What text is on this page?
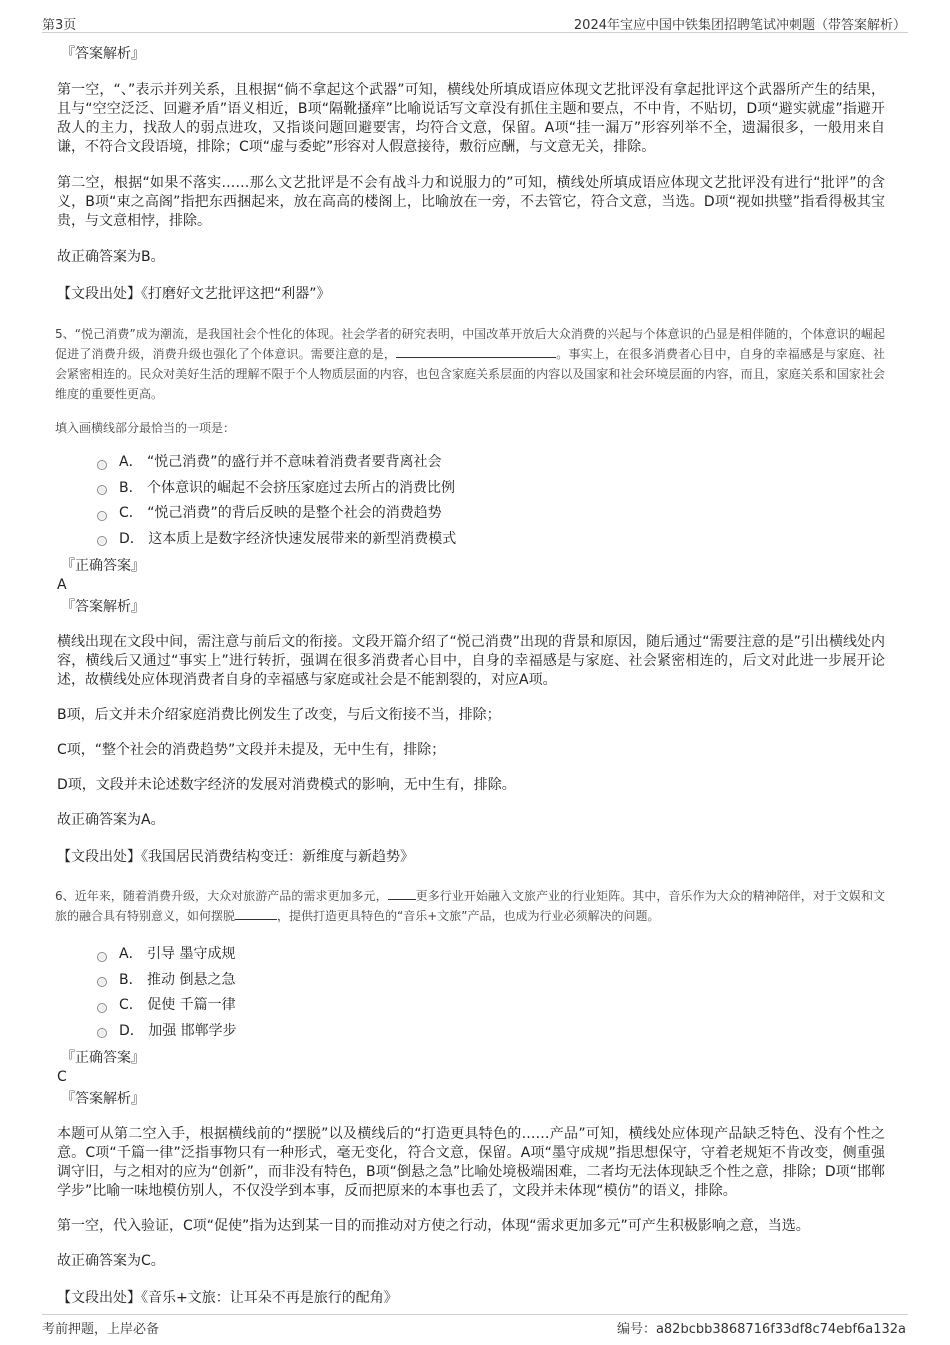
第3页	2024年宝应中国中铁集团招聘笔试冲刺题（带答案解析）
『答案解析』
第一空，“、”表示并列关系，且根据“倘不拿起这个武器”可知，横线处所填成语应体现文艺批评没有拿起批评这个武器所产生的结果，且与“空空泛泛、回避矛盾”语义相近，B项“隔靴搔痒”比喻说话写文章没有抓住主题和要点，不中肯，不贴切，D项“避实就虚”指避开敌人的主力，找敌人的弱点进攻，又指谈问题回避要害，均符合文意，保留。A项“挂一漏万”形容列举不全，遗漏很多，一般用来自谦，不符合文段语境，排除；C项“虚与委蛇”形容对人假意接待，敷衍应酬，与文意无关，排除。
第二空，根据“如果不落实……那么文艺批评是不会有战斗力和说服力的”可知，横线处所填成语应体现文艺批评没有进行“批评”的含义，B项“束之高阁”指把东西捆起来，放在高高的楼阁上，比喻放在一旁，不去管它，符合文意，当选。D项“视如拱璧”指看得极其宝贵，与文意相悖，排除。
故正确答案为B。
【文段出处】《打磨好文艺批评这把“利器”》
5、“悦己消费”成为潮流，是我国社会个性化的体现。社会学者的研究表明，中国改革开放后大众消费的兴起与个体意识的凸显是相伴随的，个体意识的崛起促进了消费升级，消费升级也强化了个体意识。需要注意的是，	。事实上，在很多消费者心目中，自身的幸福感是与家庭、社会紧密相连的。民众对美好生活的理解不限于个人物质层面的内容，也包含家庭关系层面的内容以及国家和社会环境层面的内容，而且，家庭关系和国家社会维度的重要性更高。
填入画横线部分最恰当的一项是：
A． “悦己消费”的盛行并不意味着消费者要背离社会
B． 个体意识的崛起不会挤压家庭过去所占的消费比例
C． “悦己消费”的背后反映的是整个社会的消费趋势
D． 这本质上是数字经济快速发展带来的新型消费模式
『正确答案』
A
『答案解析』
横线出现在文段中间，需注意与前后文的衔接。文段开篇介绍了“悦己消费”出现的背景和原因，随后通过“需要注意的是”引出横线处内容，横线后又通过“事实上”进行转折，强调在很多消费者心目中，自身的幸福感是与家庭、社会紧密相连的，后文对此进一步展开论述，故横线处应体现消费者自身的幸福感与家庭或社会是不能割裂的，对应A项。
B项，后文并未介绍家庭消费比例发生了改变，与后文衔接不当，排除；
C项，“整个社会的消费趋势”文段并未提及，无中生有，排除；
D项，文段并未论述数字经济的发展对消费模式的影响，无中生有，排除。
故正确答案为A。
【文段出处】《我国居民消费结构变迁：新维度与新趋势》
6、近年来，随着消费升级，大众对旅游产品的需求更加多元， 更多行业开始融入文旅产业的行业矩阵。其中，音乐作为大众的精神陪伴，对于文娱和文旅的融合具有特别意义，如何摆脱	，提供打造更具特色的“音乐+文旅”产品，也成为行业必须解决的问题。
A． 引导 墨守成规
B． 推动 倒悬之急
C． 促使 千篇一律
D． 加强 邯郸学步
『正确答案』
C
『答案解析』
本题可从第二空入手，根据横线前的“摆脱”以及横线后的“打造更具特色的……产品”可知，横线处应体现产品缺乏特色、没有个性之意。C项“千篇一律”泛指事物只有一种形式，毫无变化，符合文意，保留。A项“墨守成规”指思想保守，守着老规矩不肯改变，侧重强调守旧，与之相对的应为“创新”，而非没有特色，B项“倒悬之急”比喻处境极端困难，二者均无法体现缺乏个性之意，排除；D项“邯郸学步”比喻一味地模仿别人，不仅没学到本事，反而把原来的本事也丢了，文段并未体现“模仿”的语义，排除。
第一空，代入验证，C项“促使”指为达到某一目的而推动对方使之行动，体现“需求更加多元”可产生积极影响之意，当选。
故正确答案为C。
【文段出处】《音乐+文旅：让耳朵不再是旅行的配角》
考前押题，上岸必备	编号：a82bcbb3868716f33df8c74ebf6a132a
